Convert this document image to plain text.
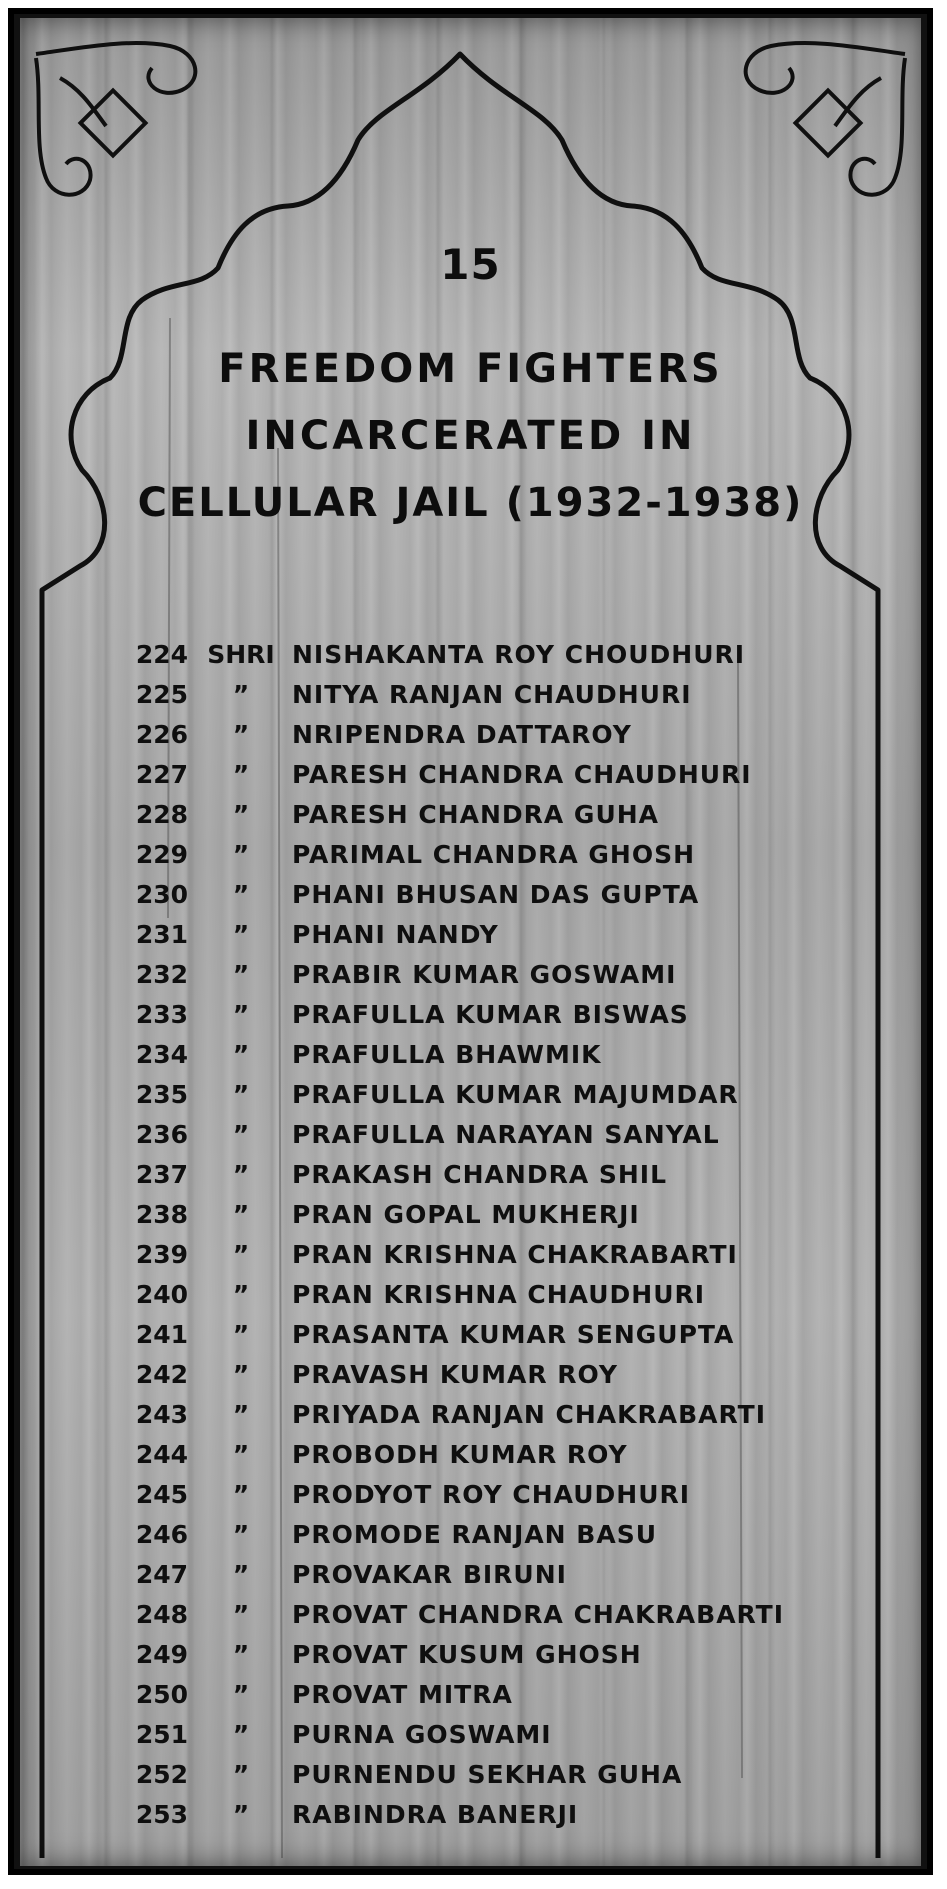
15
FREEDOM FIGHTERS
INCARCERATED IN
CELLULAR JAIL (1932-1938)
224 SHRI NISHAKANTA ROY CHOUDHURI
225	”	NITYA RANJAN CHAUDHURI
226	”	NRIPENDRA DATTAROY
227	”	PARESH CHANDRA CHAUDHURI
228	”	PARESH CHANDRA GUHA
229	”	PARIMAL CHANDRA GHOSH
230	”	PHANI BHUSAN DAS GUPTA
231	”	PHANI NANDY
232	”	PRABIR KUMAR GOSWAMI
233	”	PRAFULLA KUMAR BISWAS
234	”	PRAFULLA BHAWMIK
235	”	PRAFULLA KUMAR MAJUMDAR
236	”	PRAFULLA NARAYAN SANYAL
237	”	PRAKASH CHANDRA SHIL
238	”	PRAN GOPAL MUKHERJI
239	”	PRAN KRISHNA CHAKRABARTI
240	”	PRAN KRISHNA CHAUDHURI
241	”	PRASANTA KUMAR SENGUPTA
242	”	PRAVASH KUMAR ROY
243	”	PRIYADA RANJAN CHAKRABARTI
244	”	PROBODH KUMAR ROY
245	”	PRODYOT ROY CHAUDHURI
246	”	PROMODE RANJAN BASU
247	”	PROVAKAR BIRUNI
248	”	PROVAT CHANDRA CHAKRABARTI
249	”	PROVAT KUSUM GHOSH
250	”	PROVAT MITRA
251	”	PURNA GOSWAMI
252	”	PURNENDU SEKHAR GUHA
253	”	RABINDRA BANERJI
